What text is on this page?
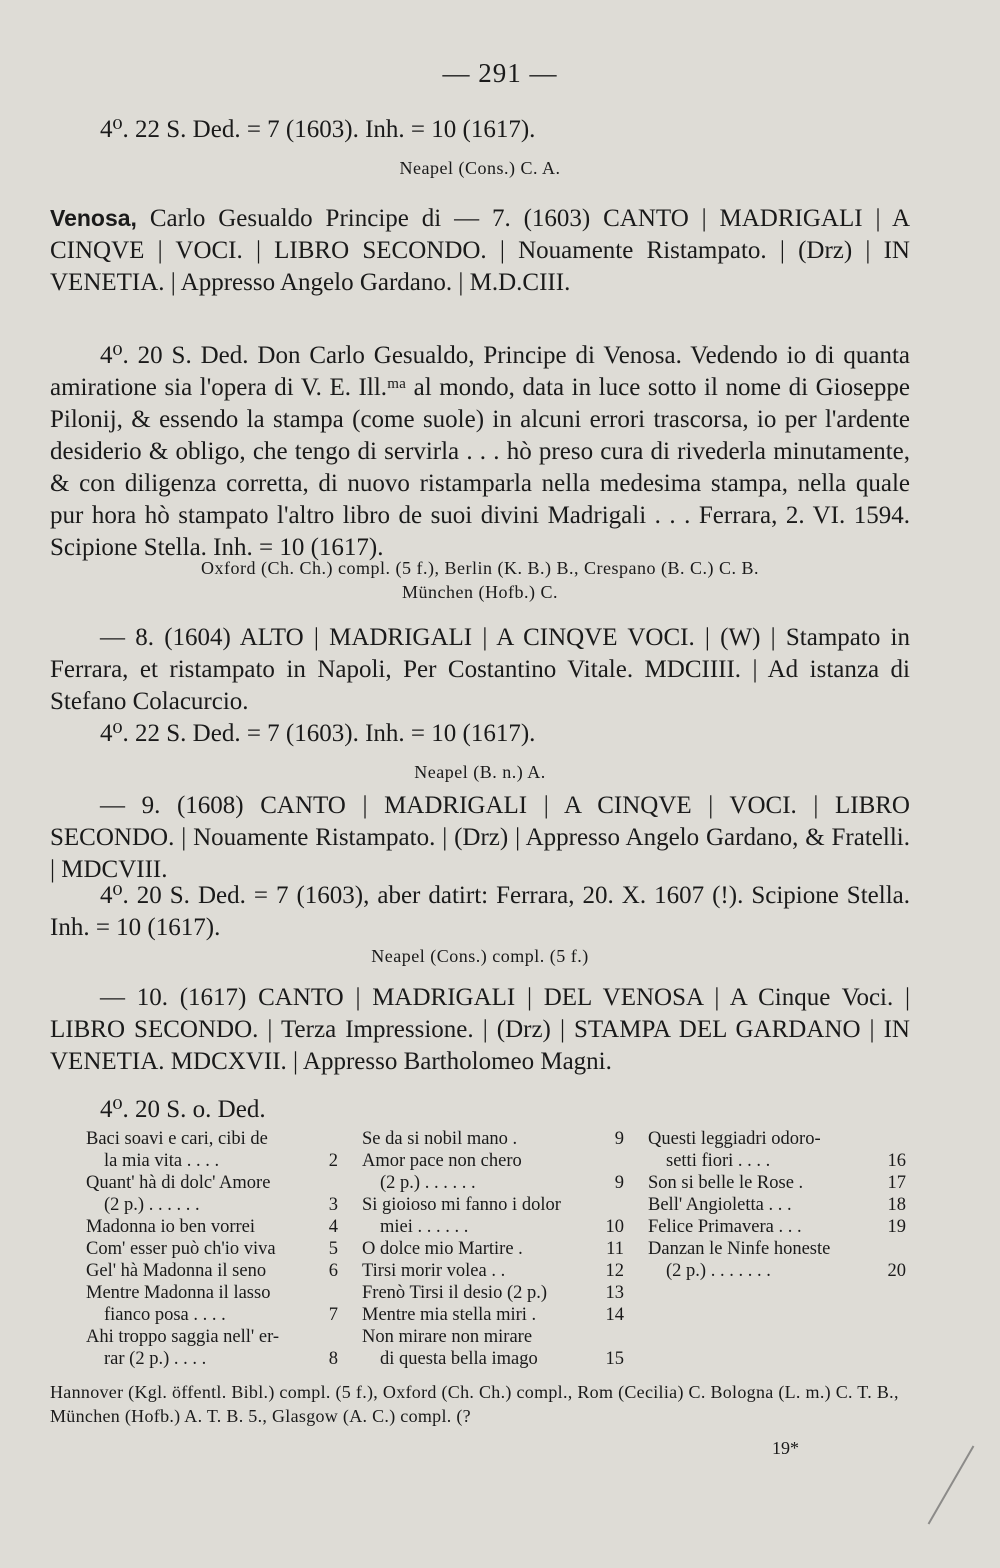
— 291 —
4⁰. 22 S. Ded. = 7 (1603). Inh. = 10 (1617).
Neapel (Cons.) C. A.
Venosa, Carlo Gesualdo Principe di — 7. (1603) CANTO | MADRIGALI | A CINQVE | VOCI. | LIBRO SECONDO. | Nouamente Ristampato. | (Drz) | IN VENETIA. | Appresso Angelo Gardano. | M.D.CIII.
4⁰. 20 S. Ded. Don Carlo Gesualdo, Principe di Venosa. Vedendo io di quanta amiratione sia l'opera di V. E. Ill.ᵐᵃ al mondo, data in luce sotto il nome di Gioseppe Pilonij, & essendo la stampa (come suole) in alcuni errori trascorsa, io per l'ardente desiderio & obligo, che tengo di servirla . . . hò preso cura di rivederla minutamente, & con diligenza corretta, di nuovo ristamparla nella medesima stampa, nella quale pur hora hò stampato l'altro libro de suoi divini Madrigali . . . Ferrara, 2. VI. 1594. Scipione Stella. Inh. = 10 (1617).
Oxford (Ch. Ch.) compl. (5 f.), Berlin (K. B.) B., Crespano (B. C.) C. B.
München (Hofb.) C.
— 8. (1604) ALTO | MADRIGALI | A CINQVE VOCI. | (W) | Stampato in Ferrara, et ristampato in Napoli, Per Costantino Vitale. MDCIIII. | Ad istanza di Stefano Colacurcio.
4⁰. 22 S. Ded. = 7 (1603). Inh. = 10 (1617).
Neapel (B. n.) A.
— 9. (1608) CANTO | MADRIGALI | A CINQVE | VOCI. | LIBRO SECONDO. | Nouamente Ristampato. | (Drz) | Appresso Angelo Gardano, & Fratelli. | MDCVIII.
4⁰. 20 S. Ded. = 7 (1603), aber datirt: Ferrara, 20. X. 1607 (!). Scipione Stella. Inh. = 10 (1617).
Neapel (Cons.) compl. (5 f.)
— 10. (1617) CANTO | MADRIGALI | DEL VENOSA | A Cinque Voci. | LIBRO SECONDO. | Terza Impressione. | (Drz) | STAMPA DEL GARDANO | IN VENETIA. MDCXVII. | Appresso Bartholomeo Magni.
4⁰. 20 S. o. Ded.
Baci soavi e cari, cibi de
la mia vita . . . .	2
Quant' hà di dolc' Amore
(2 p.) . . . . . .	3
Madonna io ben vorrei	4
Com' esser può ch'io viva	5
Gel' hà Madonna il seno	6
Mentre Madonna il lasso
fianco posa . . . .	7
Ahi troppo saggia nell' er-
rar (2 p.) . . . .	8
Se da si nobil mano .	9
Amor pace non chero
(2 p.) . . . . . .	9
Si gioioso mi fanno i dolor
miei . . . . . .	10
O dolce mio Martire .	11
Tirsi morir volea . .	12
Frenò Tirsi il desio (2 p.)	13
Mentre mia stella miri .	14
Non mirare non mirare
di questa bella imago	15
Questi leggiadri odoro-
setti fiori . . . .	16
Son si belle le Rose .	17
Bell' Angioletta . . .	18
Felice Primavera . . .	19
Danzan le Ninfe honeste
(2 p.) . . . . . . .	20
Hannover (Kgl. öffentl. Bibl.) compl. (5 f.), Oxford (Ch. Ch.) compl., Rom (Cecilia) C. Bologna (L. m.) C. T. B., München (Hofb.) A. T. B. 5., Glasgow (A. C.) compl. (?
19*
